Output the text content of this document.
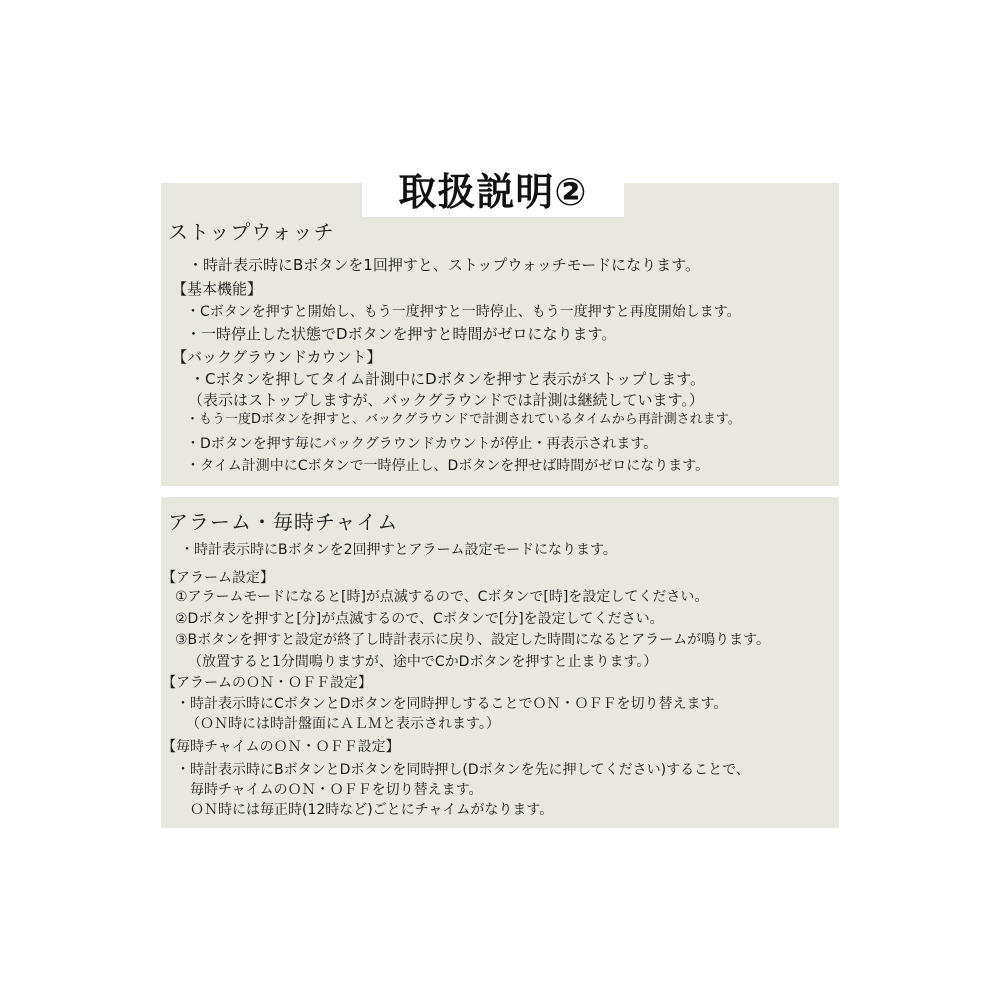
取扱説明②
ストップウォッチ
・時計表示時にBボタンを1回押すと、ストップウォッチモードになります。
【基本機能】
・Cボタンを押すと開始し、もう一度押すと一時停止、もう一度押すと再度開始します。
・一時停止した状態でDボタンを押すと時間がゼロになります。
【バックグラウンドカウント】
・Cボタンを押してタイム計測中にDボタンを押すと表示がストップします。
（表示はストップしますが、バックグラウンドでは計測は継続しています。）
・もう一度Dボタンを押すと、バックグラウンドで計測されているタイムから再計測されます。
・Dボタンを押す毎にバックグラウンドカウントが停止・再表示されます。
・タイム計測中にCボタンで一時停止し、Dボタンを押せば時間がゼロになります。
アラーム・毎時チャイム
・時計表示時にBボタンを2回押すとアラーム設定モードになります。
【アラーム設定】
①アラームモードになると[時]が点滅するので、Cボタンで[時]を設定してください。
②Dボタンを押すと[分]が点滅するので、Cボタンで[分]を設定してください。
③Bボタンを押すと設定が終了し時計表示に戻り、設定した時間になるとアラームが鳴ります。
（放置すると1分間鳴りますが、途中でCかDボタンを押すと止まります。）
【アラームのＯＮ・ＯＦＦ設定】
・時計表示時にCボタンとDボタンを同時押しすることでＯＮ・ＯＦＦを切り替えます。
（ＯＮ時には時計盤面にＡＬＭと表示されます。）
【毎時チャイムのＯＮ・ＯＦＦ設定】
・時計表示時にBボタンとDボタンを同時押し(Dボタンを先に押してください)することで、
毎時チャイムのＯＮ・ＯＦＦを切り替えます。
ＯＮ時には毎正時(12時など)ごとにチャイムがなります。
